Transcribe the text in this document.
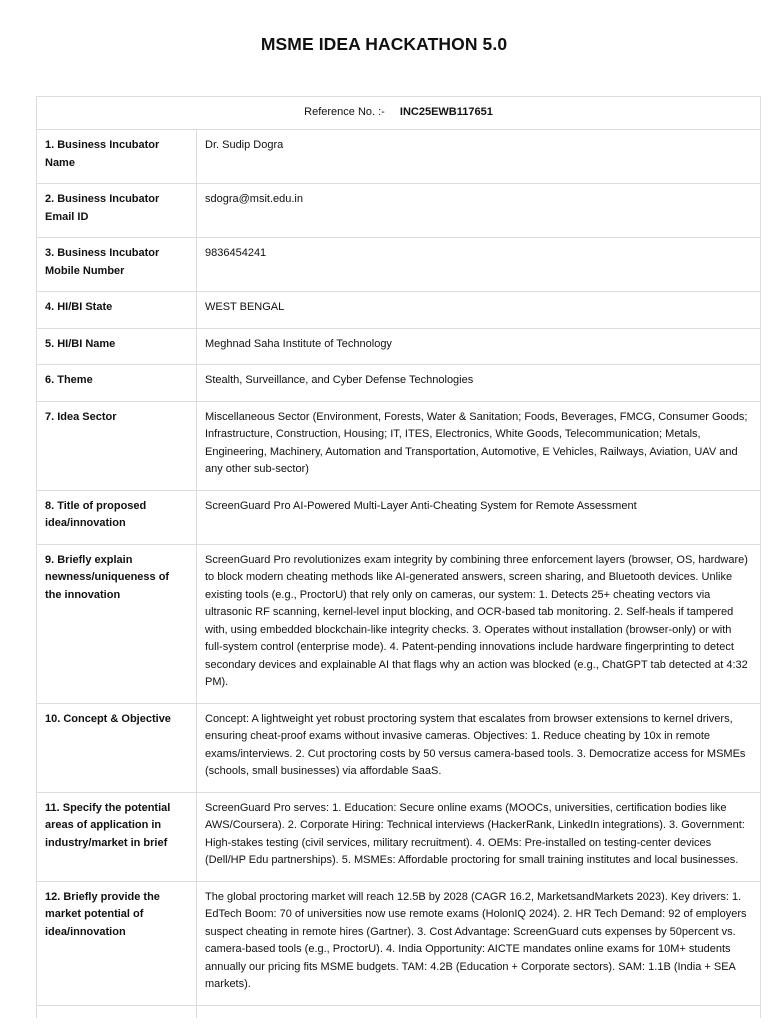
MSME IDEA HACKATHON 5.0
Reference No. :- INC25EWB117651	
1. Business Incubator Name	Dr. Sudip Dogra
2. Business Incubator Email ID	sdogra@msit.edu.in
3. Business Incubator Mobile Number	9836454241
4. HI/BI State	WEST BENGAL
5. HI/BI Name	Meghnad Saha Institute of Technology
6. Theme	Stealth, Surveillance, and Cyber Defense Technologies
7. Idea Sector	Miscellaneous Sector (Environment, Forests, Water & Sanitation; Foods, Beverages, FMCG, Consumer Goods; Infrastructure, Construction, Housing; IT, ITES, Electronics, White Goods, Telecommunication; Metals, Engineering, Machinery, Automation and Transportation, Automotive, E Vehicles, Railways, Aviation, UAV and any other sub-sector)
8. Title of proposed idea/innovation	ScreenGuard Pro AI-Powered Multi-Layer Anti-Cheating System for Remote Assessment
9. Briefly explain newness/uniqueness of the innovation	ScreenGuard Pro revolutionizes exam integrity by combining three enforcement layers (browser, OS, hardware) to block modern cheating methods like AI-generated answers, screen sharing, and Bluetooth devices. Unlike existing tools (e.g., ProctorU) that rely only on cameras, our system: 1. Detects 25+ cheating vectors via ultrasonic RF scanning, kernel-level input blocking, and OCR-based tab monitoring. 2. Self-heals if tampered with, using embedded blockchain-like integrity checks. 3. Operates without installation (browser-only) or with full-system control (enterprise mode). 4. Patent-pending innovations include hardware fingerprinting to detect secondary devices and explainable AI that flags why an action was blocked (e.g., ChatGPT tab detected at 4:32 PM).
10. Concept & Objective	Concept: A lightweight yet robust proctoring system that escalates from browser extensions to kernel drivers, ensuring cheat-proof exams without invasive cameras. Objectives: 1. Reduce cheating by 10x in remote exams/interviews. 2. Cut proctoring costs by 50 versus camera-based tools. 3. Democratize access for MSMEs (schools, small businesses) via affordable SaaS.
11. Specify the potential areas of application in industry/market in brief	ScreenGuard Pro serves: 1. Education: Secure online exams (MOOCs, universities, certification bodies like AWS/Coursera). 2. Corporate Hiring: Technical interviews (HackerRank, LinkedIn integrations). 3. Government: High-stakes testing (civil services, military recruitment). 4. OEMs: Pre-installed on testing-center devices (Dell/HP Edu partnerships). 5. MSMEs: Affordable proctoring for small training institutes and local businesses.
12. Briefly provide the market potential of idea/innovation	The global proctoring market will reach 12.5B by 2028 (CAGR 16.2, MarketsandMarkets 2023). Key drivers: 1. EdTech Boom: 70 of universities now use remote exams (HolonIQ 2024). 2. HR Tech Demand: 92 of employers suspect cheating in remote hires (Gartner). 3. Cost Advantage: ScreenGuard cuts expenses by 50percent vs. camera-based tools (e.g., ProctorU). 4. India Opportunity: AICTE mandates online exams for 10M+ students annually our pricing fits MSME budgets. TAM: 4.2B (Education + Corporate sectors). SAM: 1.1B (India + SEA markets).
